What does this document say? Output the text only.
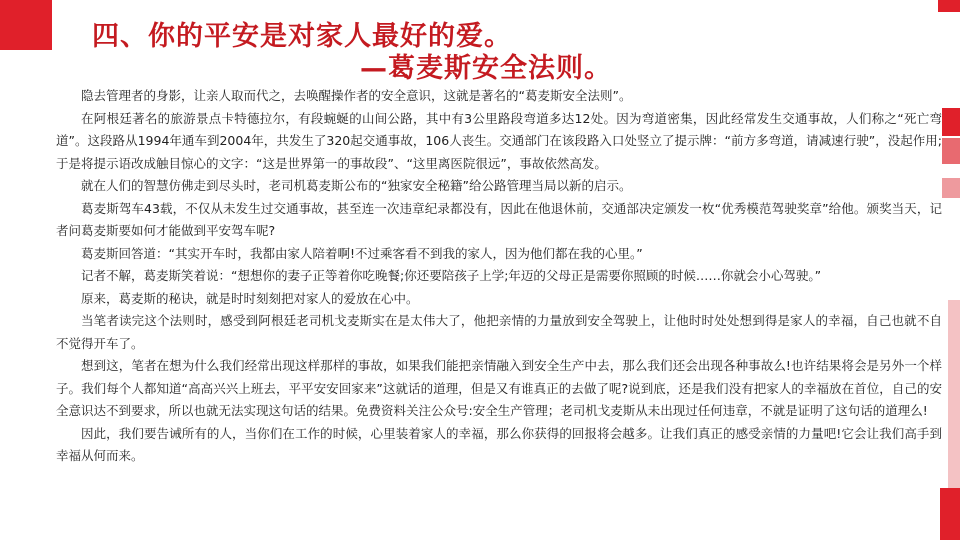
四、你的平安是对家人最好的爱。
—葛麦斯安全法则。

隐去管理者的身影，让亲人取而代之，去唤醒操作者的安全意识，这就是著名的“葛麦斯安全法则”。

在阿根廷著名的旅游景点卡特德拉尔，有段蜿蜒的山间公路，其中有3公里路段弯道多达12处。因为弯道密集，因此经常发生交通事故，人们称之“死亡弯道”。这段路从1994年通车到2004年，共发生了320起交通事故，106人丧生。交通部门在该段路入口处竖立了提示牌：“前方多弯道，请减速行驶”，没起作用;于是将提示语改成触目惊心的文字：“这是世界第一的事故段”、“这里离医院很远”，事故依然高发。

就在人们的智慧仿佛走到尽头时，老司机葛麦斯公布的“独家安全秘籍”给公路管理当局以新的启示。

葛麦斯驾车43载，不仅从未发生过交通事故，甚至连一次违章纪录都没有，因此在他退休前，交通部决定颁发一枚“优秀模范驾驶奖章”给他。颁奖当天，记者问葛麦斯要如何才能做到平安驾车呢?

葛麦斯回答道：“其实开车时，我都由家人陪着啊!不过乘客看不到我的家人，因为他们都在我的心里。”

记者不解，葛麦斯笑着说：“想想你的妻子正等着你吃晚餐;你还要陪孩子上学;年迈的父母正是需要你照顾的时候……你就会小心驾驶。”

原来，葛麦斯的秘诀，就是时时刻刻把对家人的爱放在心中。

当笔者读完这个法则时，感受到阿根廷老司机戈麦斯实在是太伟大了，他把亲情的力量放到安全驾驶上，让他时时处处想到得是家人的幸福，自己也就不自不觉得开车了。

想到这，笔者在想为什么我们经常出现这样那样的事故，如果我们能把亲情融入到安全生产中去，那么我们还会出现各种事故么!也许结果将会是另外一个样子。我们每个人都知道“高高兴兴上班去，平平安安回家来”这就话的道理，但是又有谁真正的去做了呢?说到底，还是我们没有把家人的幸福放在首位，自己的安全意识达不到要求，所以也就无法实现这句话的结果。免费资料关注公众号:安全生产管理；老司机戈麦斯从未出现过任何违章，不就是证明了这句话的道理么!

因此，我们要告诫所有的人，当你们在工作的时候，心里装着家人的幸福，那么你获得的回报将会越多。让我们真正的感受亲情的力量吧!它会让我们高手到幸福从何而来。
